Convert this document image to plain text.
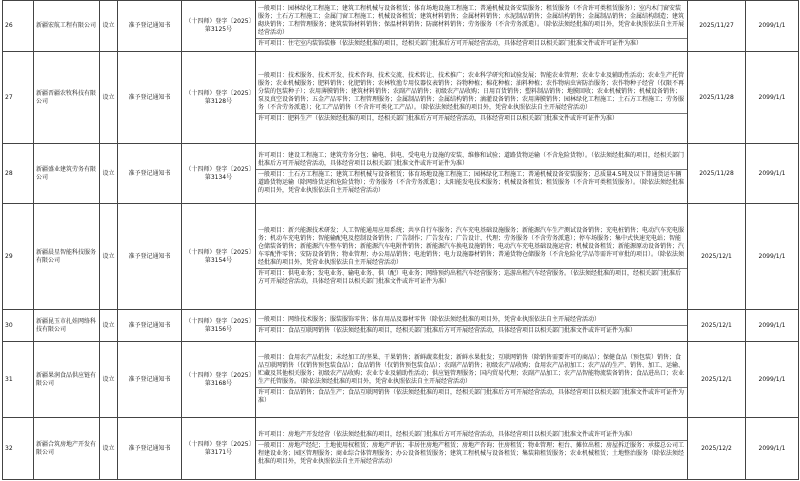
26	新疆宏航工程有限公司	设立	准予登记通知书	（十四师）登字〔2025〕第3125号	一般项目：园林绿化工程施工；建筑工程机械与设备租赁；体育场地设施工程施工；普通机械设备安装服务；租赁服务（不含许可类租赁服务）；室内木门窗安装服务；土石方工程施工；金属门窗工程施工；机械设备租赁；建筑材料销售；金属材料销售；水泥制品销售；金属结构销售；金属制品销售；金属结构制造；建筑砌块销售；工程管理服务；建筑装饰材料销售；保温材料销售；防腐材料销售；劳务服务（不含劳务派遣）。（除依法须经批准的项目外，凭营业执照依法自主开展经营活动）
许可项目：住宅室内装饰装修（依法须经批准的项目，经相关部门批准后方可开展经营活动，具体经营项目以相关部门批准文件或许可证件为准）	2025/11/27	2099/1/1
27	新疆晋疆农牧科技有限公司	设立	准予登记通知书	（十四师）登字〔2025〕第3128号	一般项目：技术服务、技术开发、技术咨询、技术交流、技术转让、技术推广；农业科学研究和试验发展；智能农业管理；农业专业及辅助性活动；农业生产托管服务；农业机械服务；肥料销售；化肥销售；农林牧渔专用仪器仪表销售；谷物种植；棉花种植；油料种植；农作物病虫害防治服务；农作物种子经营（仅限不再分装的包装种子）；农用薄膜销售；建筑材料销售；农副产品销售；初级农产品收购；日用百货销售；塑料制品销售；地膜回收；农业机械销售；机械设备销售；泵及真空设备销售；五金产品零售；工程管理服务；金属制品销售；金属结构销售；滴灌设备销售；农用薄膜销售；园林绿化工程施工；土石方工程施工；劳务服务（不含劳务派遣）；化工产品销售（不含许可类化工产品）。（除依法须经批准的项目外，凭营业执照依法自主开展经营活动）
许可项目：肥料生产（依法须经批准的项目，经相关部门批准后方可开展经营活动，具体经营项目以相关部门批准文件或许可证件为准）	2025/11/28	2099/1/1
28	新疆盛业建筑劳务有限公司	设立	准予登记通知书	（十四师）登字〔2025〕第3134号	许可项目：建设工程施工；建筑劳务分包；输电、供电、受电电力设施的安装、维修和试验；道路货物运输（不含危险货物）。（依法须经批准的项目，经相关部门批准后方可开展经营活动，具体经营项目以相关部门批准文件或许可证件为准）
一般项目：土石方工程施工；建筑工程机械与设备租赁；体育场地设施工程施工；园林绿化工程施工；普通机械设备安装服务；总质量4.5吨及以下普通货运车辆道路货物运输（除网络货运和危险货物）；劳务服务（不含劳务派遣）；太阳能发电技术服务；机械设备租赁；租赁服务（不含许可类租赁服务）。（除依法须经批准的项目外，凭营业执照依法自主开展经营活动）	2025/11/28	2099/1/1
29	新疆晨星智能科技服务有限公司	设立	准予登记通知书	（十四师）登字〔2025〕第3154号	一般项目：新兴能源技术研发；人工智能通用应用系统；共享自行车服务；汽车充电基础设施服务；新能源汽车生产测试设备销售；充电桩销售；电动汽车充电服务；机动车充电销售；智能输配电及控制设备销售；广告制作；广告发布；广告设计、代理；劳务服务（不含劳务派遣）；停车场服务；集中式快速充电站；智能仓储装备销售；新能源汽车整车销售；新能源汽车电附件销售；新能源汽车换电设施销售；电动汽车充电基础设施运营；机械设备租赁；新能源原动设备销售；汽车零配件零售；安防设备销售；物业管理；办公用品销售；电池销售；电力设施器材销售；普通货物仓储服务（不含危险化学品等需许可审批的项目）。（除依法须经批准的项目外，凭营业执照依法自主开展经营活动）
许可项目：供电业务；发电业务、输电业务、供（配）电业务；网络预约出租汽车经营服务；巡游出租汽车经营服务。（依法须经批准的项目，经相关部门批准后方可开展经营活动，具体经营项目以相关部门批准文件或许可证件为准）	2025/12/1	2099/1/1
30	新疆昆玉市扎娃网络科技有限公司	设立	准予登记通知书	（十四师）登字〔2025〕第3156号	一般项目：网络技术服务；服装服饰零售；体育用品及器材零售（除依法须经批准的项目外，凭营业执照依法自主开展经营活动）
许可项目：食品互联网销售（依法须经批准的项目，经相关部门批准后方可开展经营活动，具体经营项目以相关部门批准文件或许可证件为准）	2025/12/1	2099/1/1
31	新疆果润食品供应链有限公司	设立	准予登记通知书	（十四师）登字〔2025〕第3168号	一般项目：食用农产品批发；未经加工的坚果、干果销售；新鲜蔬菜批发；新鲜水果批发；互联网销售（除销售需要许可的商品）；保健食品（预包装）销售；食品互联网销售（仅销售预包装食品）；食品销售（仅销售预包装食品）；农副产品销售；初级农产品收购；食用农产品初加工；农产品的生产、销售、加工、运输、贮藏及其他相关服务；初级农产品收购；农业专业及辅助性活动；供应链管理服务；国内贸易代理；农副产品加工；农产品智能物流装备销售；食品进出口；农业生产托管服务。（除依法须经批准的项目外，凭营业执照依法自主开展经营活动）
许可项目：食品销售；食品生产；食品互联网销售（依法须经批准的项目，经相关部门批准后方可开展经营活动，具体经营项目以相关部门批准文件或许可证件为准）	2025/12/1	2099/1/1
32	新疆合筑房地产开发有限公司	设立	准予登记通知书	（十四师）登字〔2025〕第3171号	许可项目：房地产开发经营（依法须经批准的项目，经相关部门批准后方可开展经营活动，具体经营项目以相关部门批准文件或许可证件为准）
一般项目：房地产经纪；土地使用权租赁；房地产评估；非居住房地产租赁；房地产咨询；住房租赁；物业管理；柜台、摊位出租；房屋拆迁服务；承接总公司工程建设业务；园区管理服务；商业综合体管理服务；办公设备租赁服务；建筑工程机械与设备租赁；集装箱租赁服务；农业机械租赁；土地整治服务（除依法须经批准的项目外，凭营业执照依法自主开展经营活动）	2025/12/2	2099/1/1
